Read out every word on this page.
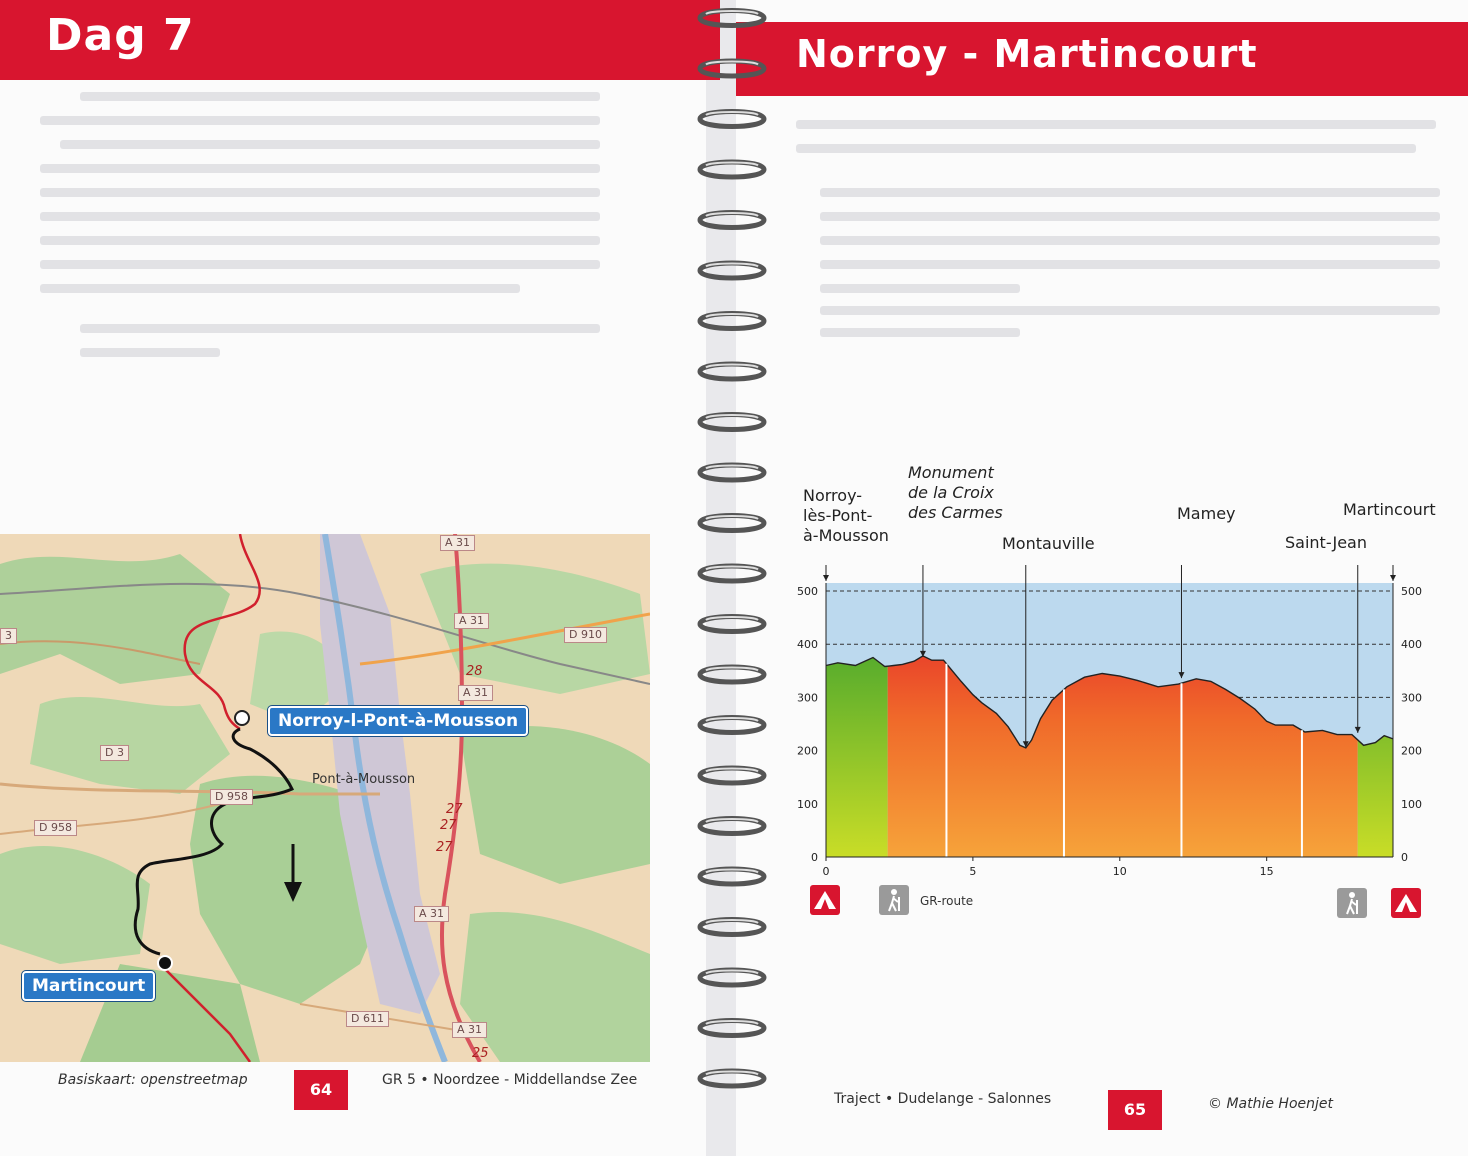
Dag 7
A 31
A 31
A 31
A 31
A 31
D 910
D 3
D 958
D 958
D 611
3
28
27
27
27
25
Pont-à-Mousson
Norroy-l-Pont-à-Mousson
Martincourt
Basiskaart: openstreetmap	64	GR 5 • Noordzee - Middellandse Zee
Norroy - Martincourt
Norroy-
lès-Pont-
à-Mousson
Monument
de la Croix
des Carmes
Montauville
Mamey
Saint-Jean
Martincourt
0	0
100	100
200	200
300	300
400	400
500	500
0	5	10	15
GR-route
Traject • Dudelange - Salonnes
65	© Mathie Hoenjet
